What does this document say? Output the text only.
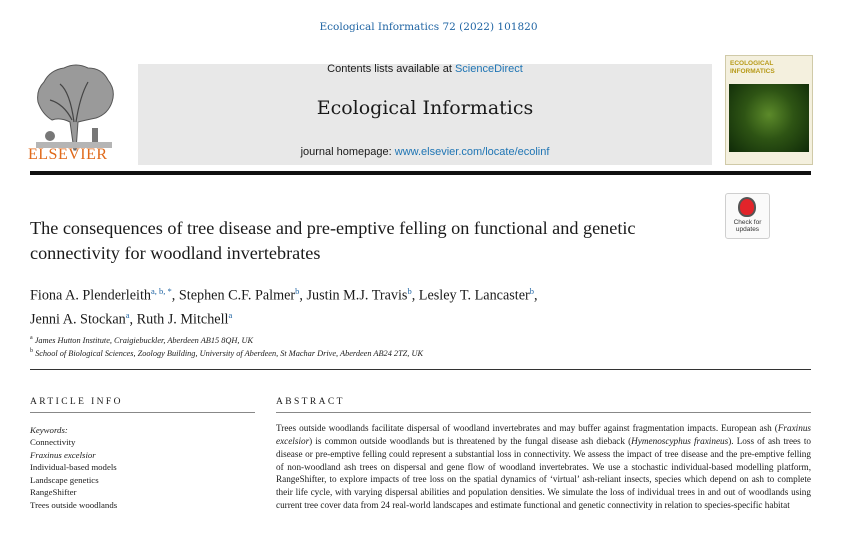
Ecological Informatics 72 (2022) 101820
ELSEVIER
Contents lists available at ScienceDirect
Ecological Informatics
journal homepage: www.elsevier.com/locate/ecolinf
ECOLOGICAL INFORMATICS
The consequences of tree disease and pre-emptive felling on functional and genetic connectivity for woodland invertebrates
Check for updates
Fiona A. Plenderleith$^{a, b, *}$, Stephen C.F. Palmer$^b$, Justin M.J. Travis$^b$, Lesley T. Lancaster$^b$,
Jenni A. Stockan$^a$, Ruth J. Mitchell$^a$
$^a$ James Hutton Institute, Craigiebuckler, Aberdeen AB15 8QH, UK
$^b$ School of Biological Sciences, Zoology Building, University of Aberdeen, St Machar Drive, Aberdeen AB24 2TZ, UK
ARTICLE INFO	ABSTRACT
Keywords:
Connectivity
Fraxinus excelsior
Individual-based models
Landscape genetics
RangeShifter
Trees outside woodlands
Trees outside woodlands facilitate dispersal of woodland invertebrates and may buffer against fragmentation impacts. European ash (Fraxinus excelsior) is common outside woodlands but is threatened by the fungal disease ash dieback (Hymenoscyphus fraxineus). Loss of ash trees to disease or pre-emptive felling could represent a substantial loss in connectivity. We assess the impact of tree disease and the pre-emptive felling of non-woodland ash trees on dispersal and gene flow of woodland invertebrates. We use a stochastic individual-based modelling platform, RangeShifter, to explore impacts of tree loss on the spatial dynamics of ‘virtual’ ash-reliant insects, species which depend on ash to complete their life cycle, with varying dispersal abilities and population densities. We simulate the loss of individual trees in and out of woodlands using current tree cover data from 24 real-world landscapes and estimate functional and genetic connectivity in relation to species-specific habitat
